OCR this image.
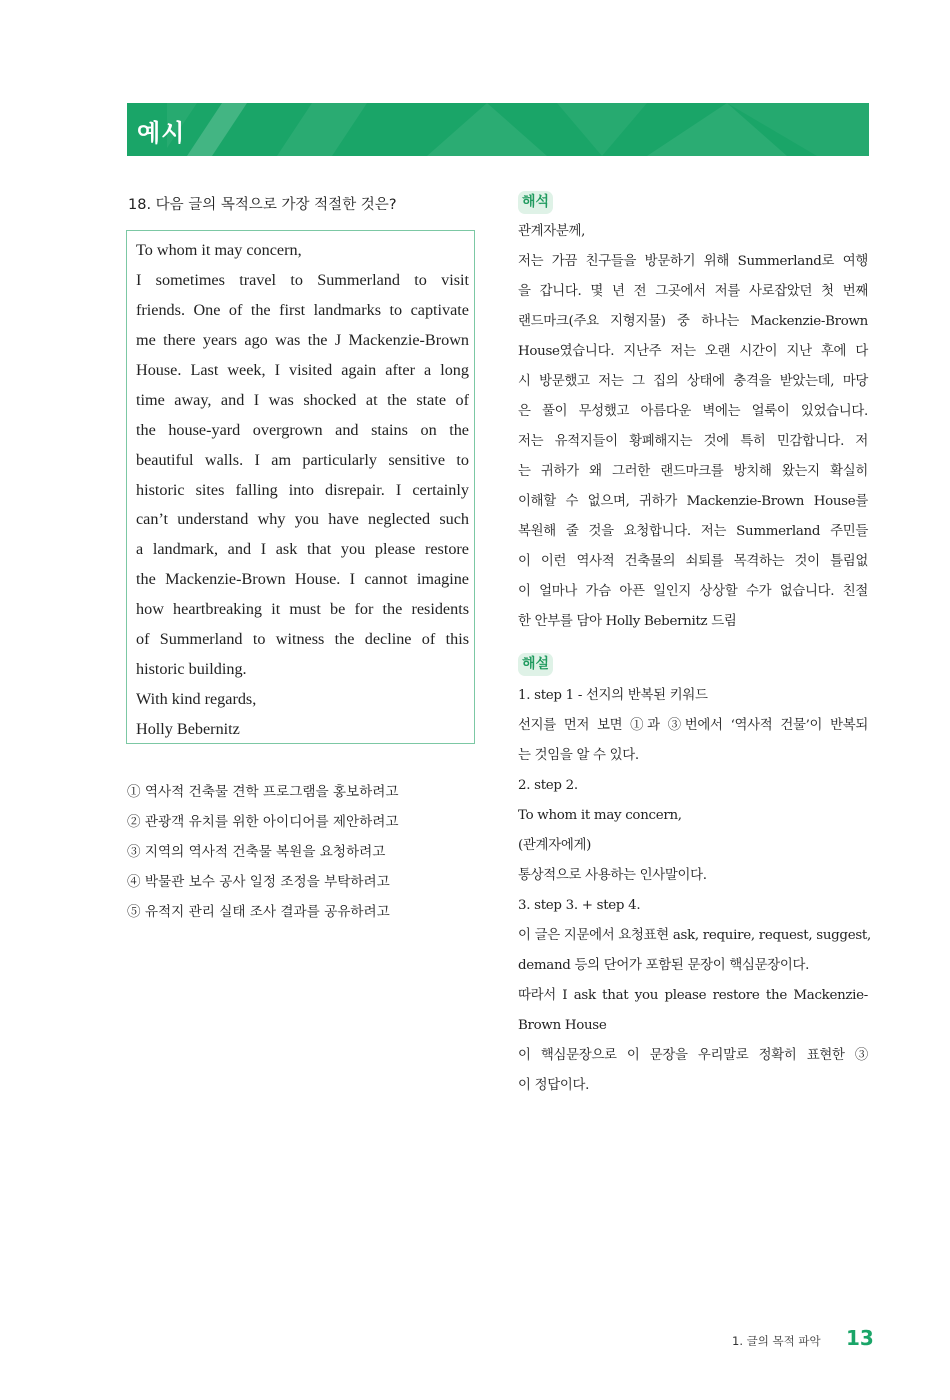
예시
18. 다음 글의 목적으로 가장 적절한 것은?
To whom it may concern,
I sometimes travel to Summerland to visit
friends. One of the first landmarks to captivate
me there years ago was the J Mackenzie-Brown
House. Last week, I visited again after a long
time away, and I was shocked at the state of
the house-yard overgrown and stains on the
beautiful walls. I am particularly sensitive to
historic sites falling into disrepair. I certainly
can’t understand why you have neglected such
a landmark, and I ask that you please restore
the Mackenzie-Brown House. I cannot imagine
how heartbreaking it must be for the residents
of Summerland to witness the decline of this
historic building.
With kind regards,
Holly Bebernitz
① 역사적 건축물 견학 프로그램을 홍보하려고
② 관광객 유치를 위한 아이디어를 제안하려고
③ 지역의 역사적 건축물 복원을 요청하려고
④ 박물관 보수 공사 일정 조정을 부탁하려고
⑤ 유적지 관리 실태 조사 결과를 공유하려고
해석
관계자분께,
저는 가끔 친구들을 방문하기 위해 Summerland로 여행
을 갑니다. 몇 년 전 그곳에서 저를 사로잡았던 첫 번째
랜드마크(주요 지형지물) 중 하나는 Mackenzie-Brown
House였습니다. 지난주 저는 오랜 시간이 지난 후에 다
시 방문했고 저는 그 집의 상태에 충격을 받았는데, 마당
은 풀이 무성했고 아름다운 벽에는 얼룩이 있었습니다.
저는 유적지들이 황폐해지는 것에 특히 민감합니다. 저
는 귀하가 왜 그러한 랜드마크를 방치해 왔는지 확실히
이해할 수 없으며, 귀하가 Mackenzie-Brown House를
복원해 줄 것을 요청합니다. 저는 Summerland 주민들
이 이런 역사적 건축물의 쇠퇴를 목격하는 것이 틀림없
이 얼마나 가슴 아픈 일인지 상상할 수가 없습니다. 친절
한 안부를 담아 Holly Bebernitz 드림
해설
1. step 1 - 선지의 반복된 키워드
선지를 먼저 보면 ①과 ③번에서 ‘역사적 건물’이 반복되
는 것임을 알 수 있다.
2. step 2.
To whom it may concern,
(관계자에게)
통상적으로 사용하는 인사말이다.
3. step 3. + step 4.
이 글은 지문에서 요청표현 ask, require, request, suggest,
demand 등의 단어가 포함된 문장이 핵심문장이다.
따라서 I ask that you please restore the Mackenzie-
Brown House
이 핵심문장으로 이 문장을 우리말로 정확히 표현한 ③
이 정답이다.
1. 글의 목적 파악 13
